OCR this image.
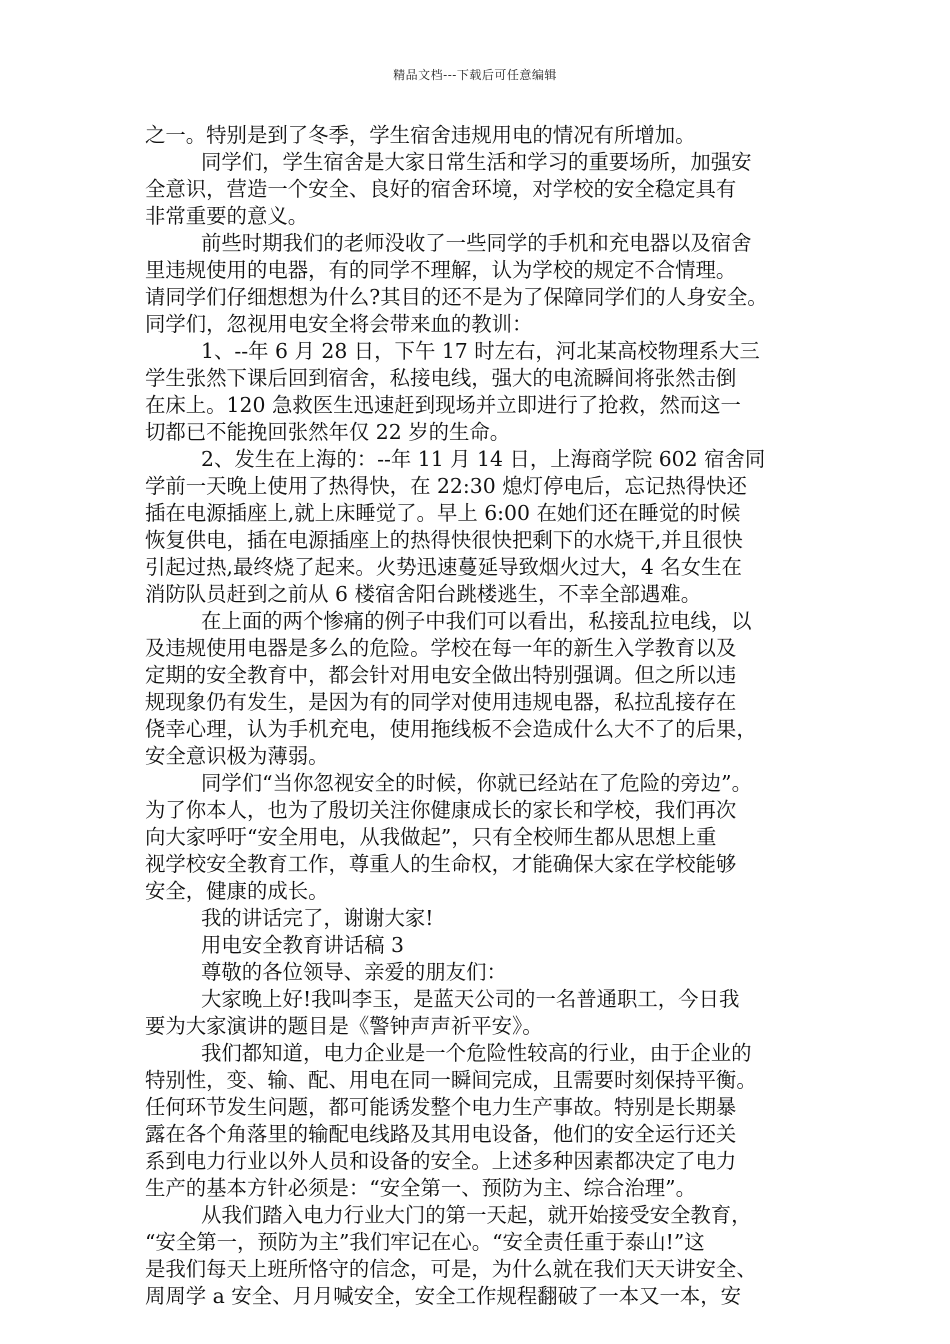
精品文档---下载后可任意编辑
之一。特别是到了冬季，学生宿舍违规用电的情况有所增加。
同学们，学生宿舍是大家日常生活和学习的重要场所，加强安
全意识，营造一个安全、良好的宿舍环境，对学校的安全稳定具有
非常重要的意义。
前些时期我们的老师没收了一些同学的手机和充电器以及宿舍
里违规使用的电器，有的同学不理解，认为学校的规定不合情理。
请同学们仔细想想为什么?其目的还不是为了保障同学们的人身安全。
同学们，忽视用电安全将会带来血的教训：
1、--年 6 月 28 日，下午 17 时左右，河北某高校物理系大三
学生张然下课后回到宿舍，私接电线，强大的电流瞬间将张然击倒
在床上。120 急救医生迅速赶到现场并立即进行了抢救，然而这一
切都已不能挽回张然年仅 22 岁的生命。
2、发生在上海的：--年 11 月 14 日，上海商学院 602 宿舍同
学前一天晚上使用了热得快，在 22:30 熄灯停电后，忘记热得快还
插在电源插座上,就上床睡觉了。早上 6:00 在她们还在睡觉的时候
恢复供电，插在电源插座上的热得快很快把剩下的水烧干,并且很快
引起过热,最终烧了起来。火势迅速蔓延导致烟火过大，4 名女生在
消防队员赶到之前从 6 楼宿舍阳台跳楼逃生，不幸全部遇难。
在上面的两个惨痛的例子中我们可以看出，私接乱拉电线，以
及违规使用电器是多么的危险。学校在每一年的新生入学教育以及
定期的安全教育中，都会针对用电安全做出特别强调。但之所以违
规现象仍有发生，是因为有的同学对使用违规电器，私拉乱接存在
侥幸心理，认为手机充电，使用拖线板不会造成什么大不了的后果，
安全意识极为薄弱。
同学们“当你忽视安全的时候，你就已经站在了危险的旁边”。
为了你本人，也为了殷切关注你健康成长的家长和学校，我们再次
向大家呼吁“安全用电，从我做起”，只有全校师生都从思想上重
视学校安全教育工作，尊重人的生命权，才能确保大家在学校能够
安全，健康的成长。
我的讲话完了，谢谢大家!
用电安全教育讲话稿 3
尊敬的各位领导、亲爱的朋友们：
大家晚上好!我叫李玉，是蓝天公司的一名普通职工，今日我
要为大家演讲的题目是《警钟声声祈平安》。
我们都知道，电力企业是一个危险性较高的行业，由于企业的
特别性，变、输、配、用电在同一瞬间完成，且需要时刻保持平衡。
任何环节发生问题，都可能诱发整个电力生产事故。特别是长期暴
露在各个角落里的输配电线路及其用电设备，他们的安全运行还关
系到电力行业以外人员和设备的安全。上述多种因素都决定了电力
生产的基本方针必须是：“安全第一、预防为主、综合治理”。
从我们踏入电力行业大门的第一天起，就开始接受安全教育，
“安全第一，预防为主”我们牢记在心。“安全责任重于泰山!”这
是我们每天上班所恪守的信念，可是，为什么就在我们天天讲安全、
周周学 a 安全、月月喊安全，安全工作规程翻破了一本又一本，安
